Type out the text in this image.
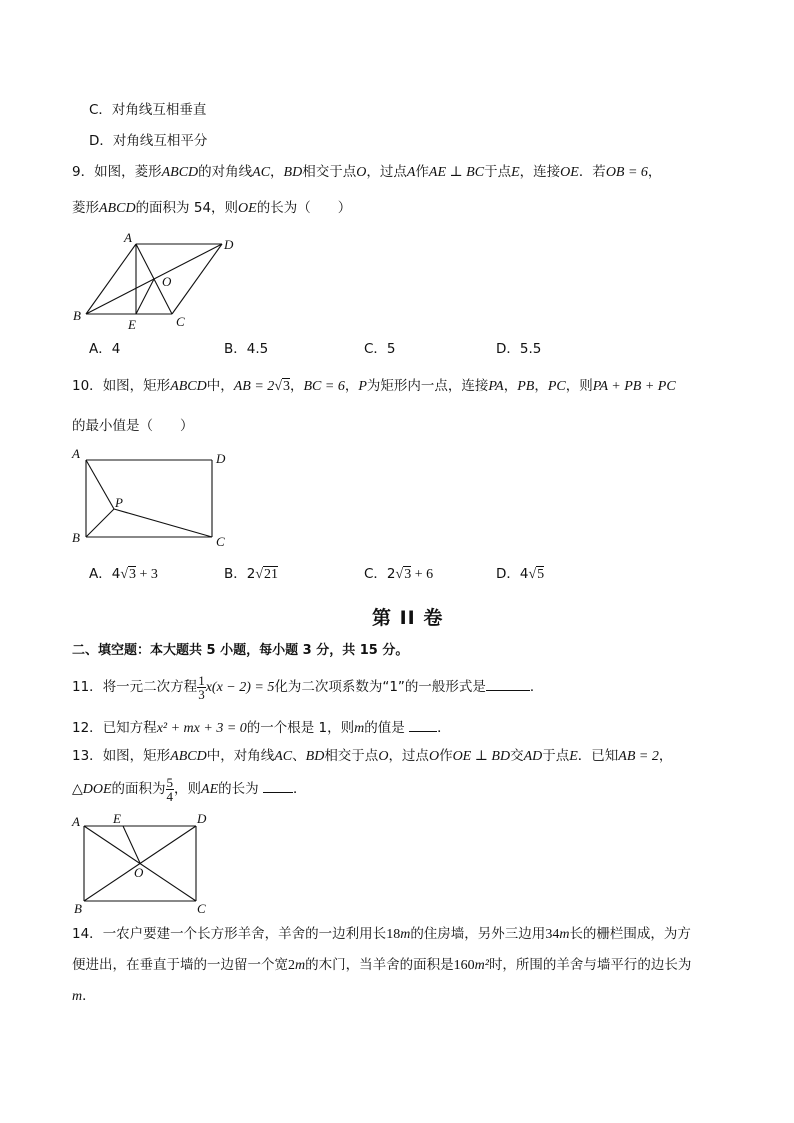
C．对角线互相垂直
D．对角线互相平分
9．如图，菱形ABCD的对角线AC，BD相交于点O，过点A作AE ⊥ BC于点E，连接OE．若OB = 6，
菱形ABCD的面积为 54，则OE的长为（　　）
A	D
O
B
E	C
A．4	B．4.5	C．5	D．5.5
10．如图，矩形ABCD中，AB = 2√3，BC = 6，P为矩形内一点，连接PA，PB，PC，则PA + PB + PC
的最小值是（　　）
A	D
P
B	C
A．4√3 + 3	B．2√21	C．2√3 + 6	D．4√5
第 II 卷
二、填空题：本大题共 5 小题，每小题 3 分，共 15 分。
11．将一元二次方程 $\frac{1}{3} x(x - 2) = 5$化为二次项系数为“1”的一般形式是	．
12．已知方程x² + mx + 3 = 0的一个根是 1，则m的值是 ．
13．如图，矩形ABCD中，对角线AC、BD相交于点O，过点O作OE ⊥ BD交AD于点E．已知AB = 2，
△DOE的面积为 $\frac{5}{4}$ ，则AE的长为	．
A	E	D
O
B	C
14．一农户要建一个长方形羊舍，羊舍的一边利用长18m的住房墙，另外三边用34m长的栅栏围成，为方
便进出，在垂直于墙的一边留一个宽2m的木门，当羊舍的面积是160m²时，所围的羊舍与墙平行的边长为
m．
